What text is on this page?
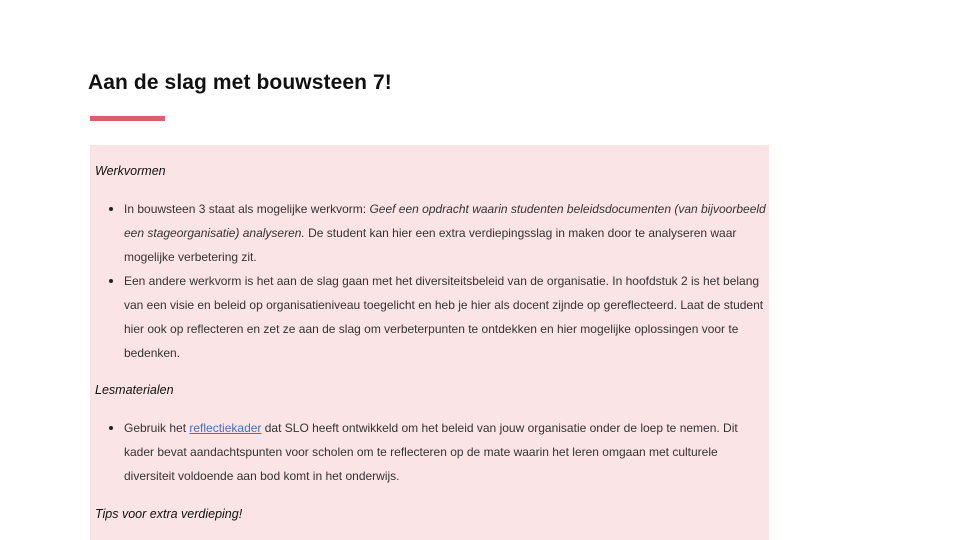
Aan de slag met bouwsteen 7!

Werkvormen

In bouwsteen 3 staat als mogelijke werkvorm: Geef een opdracht waarin studenten beleidsdocumenten (van bijvoorbeeld een stageorganisatie) analyseren. De student kan hier een extra verdiepingsslag in maken door te analyseren waar mogelijke verbetering zit.
Een andere werkvorm is het aan de slag gaan met het diversiteitsbeleid van de organisatie. In hoofdstuk 2 is het belang van een visie en beleid op organisatieniveau toegelicht en heb je hier als docent zijnde op gereflecteerd. Laat de student hier ook op reflecteren en zet ze aan de slag om verbeterpunten te ontdekken en hier mogelijke oplossingen voor te bedenken.

Lesmaterialen

Gebruik het reflectiekader dat SLO heeft ontwikkeld om het beleid van jouw organisatie onder de loep te nemen. Dit kader bevat aandachtspunten voor scholen om te reflecteren op de mate waarin het leren omgaan met culturele diversiteit voldoende aan bod komt in het onderwijs.

Tips voor extra verdieping!
